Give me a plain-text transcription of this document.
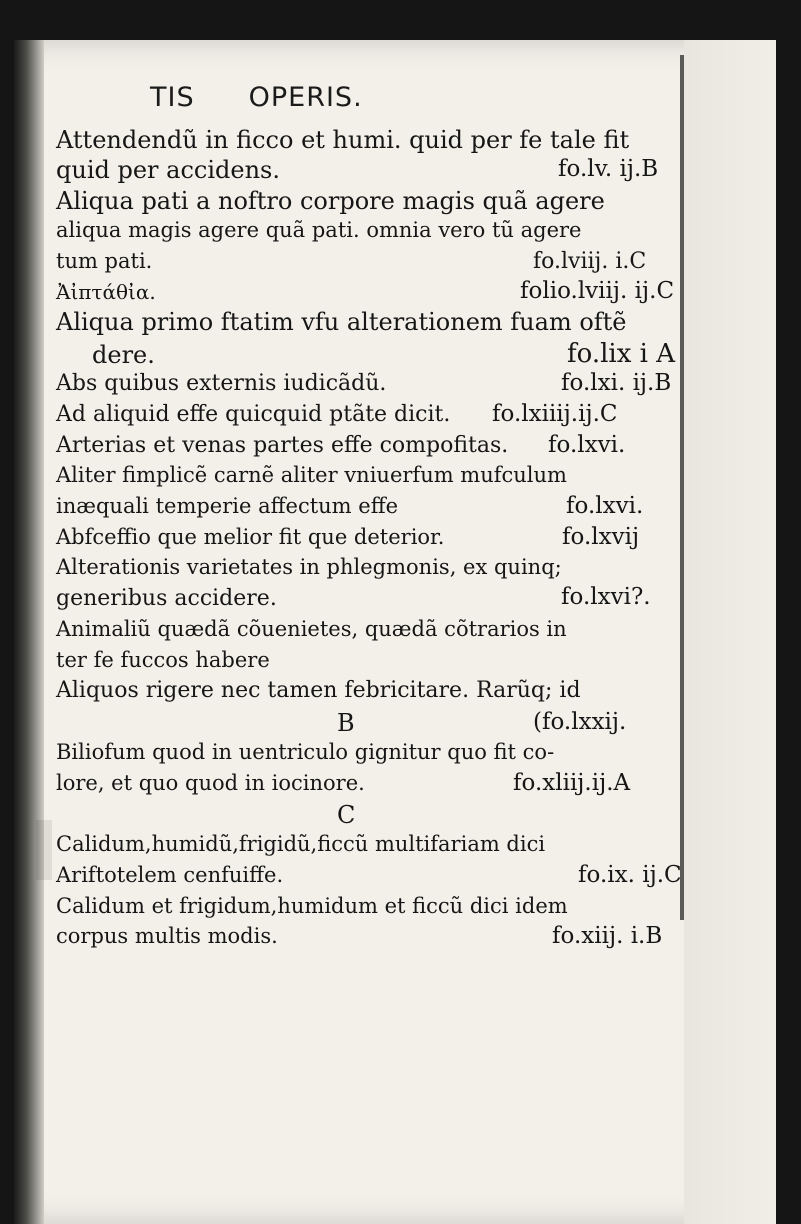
TIS OPERIS.
Attendendũ in ficco et humi. quid per fe tale fit
quid per accidens.	fo.lv. ij.B
Aliqua pati a noftro corpore magis quã agere
aliqua magis agere quã pati. omnia vero tũ agere
tum pati.	fo.lviij. i.C
Ἀἰπτάθἰα.	folio.lviij. ij.C
Aliqua primo ftatim vfu alterationem fuam oftẽ
dere.	fo.lix i A
Abs quibus externis iudicãdũ.	fo.lxi. ij.B
Ad aliquid effe quicquid ptãte dicit.	fo.lxiiij.ij.C
Arterias et venas partes effe compofitas.	fo.lxvi.
Aliter fimplicẽ carnẽ aliter vniuerfum mufculum
inæquali temperie affectum effe	fo.lxvi.
Abfceffio que melior fit que deterior.	fo.lxvij
Alterationis varietates in phlegmonis, ex quinq;
generibus accidere.	fo.lxvi?.
Animaliũ quædã cõuenietes, quædã cõtrarios in
ter fe fuccos habere
Aliquos rigere nec tamen febricitare. Rarũq; id
B	(fo.lxxij.
Biliofum quod in uentriculo gignitur quo fit co-
lore, et quo quod in iocinore.	fo.xliij.ij.A
C
Calidum,humidũ,frigidũ,ficcũ multifariam dici
Ariftotelem cenfuiffe.	fo.ix. ij.C
Calidum et frigidum,humidum et ficcũ dici idem
corpus multis modis.	fo.xiij. i.B
